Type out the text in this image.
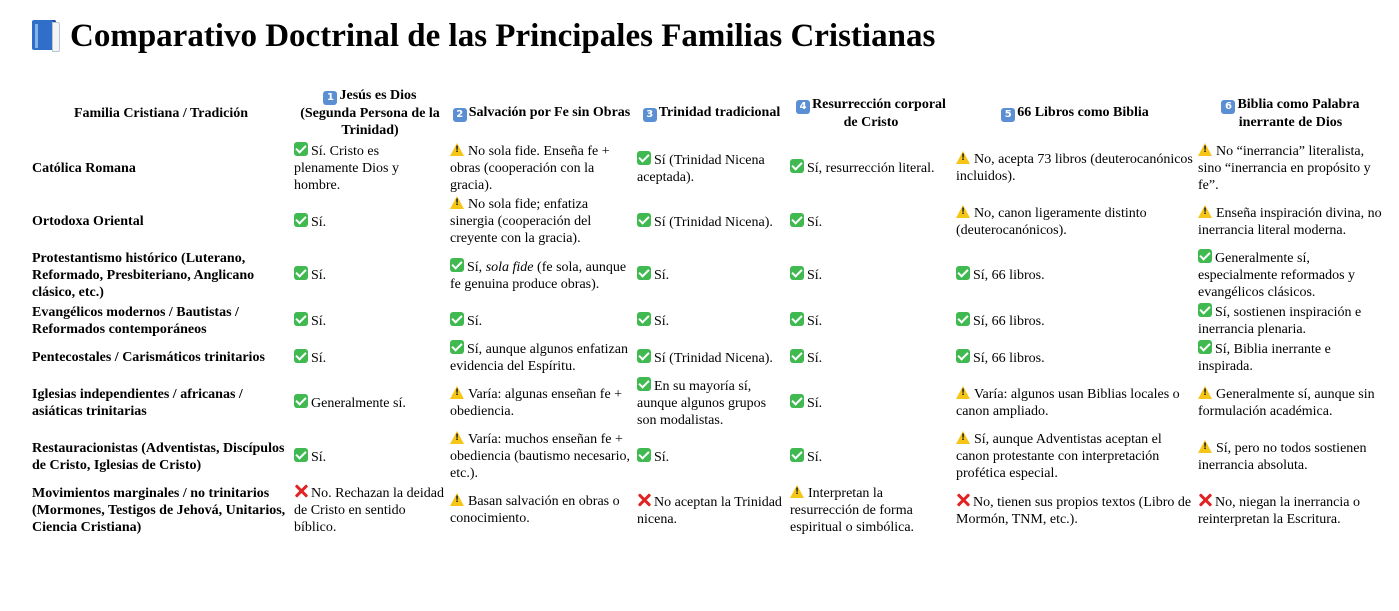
Comparativo Doctrinal de las Principales Familias Cristianas
Familia Cristiana / Tradición	1 Jesús es Dios (Segunda Persona de la Trinidad)	2 Salvación por Fe sin Obras	3 Trinidad tradicional	4 Resurrección corporal de Cristo	5 66 Libros como Biblia	6 Biblia como Palabra inerrante de Dios
Católica Romana	Sí. Cristo es plenamente Dios y hombre.	!No sola fide. Enseña fe + obras (cooperación con la gracia).	Sí (Trinidad Nicena aceptada).	Sí, resurrección literal.	!No, acepta 73 libros (deuterocanónicos incluidos).	!No “inerrancia” literalista, sino “inerrancia en propósito y fe”.
Ortodoxa Oriental	Sí.	!No sola fide; enfatiza sinergia (cooperación del creyente con la gracia).	Sí (Trinidad Nicena).	Sí.	!No, canon ligeramente distinto (deuterocanónicos).	!Enseña inspiración divina, no inerrancia literal moderna.
Protestantismo histórico (Luterano, Reformado, Presbiteriano, Anglicano clásico, etc.)	Sí.	Sí, sola fide (fe sola, aunque fe genuina produce obras).	Sí.	Sí.	Sí, 66 libros.	Generalmente sí, especialmente reformados y evangélicos clásicos.
Evangélicos modernos / Bautistas / Reformados contemporáneos	Sí.	Sí.	Sí.	Sí.	Sí, 66 libros.	Sí, sostienen inspiración e inerrancia plenaria.
Pentecostales / Carismáticos trinitarios	Sí.	Sí, aunque algunos enfatizan evidencia del Espíritu.	Sí (Trinidad Nicena).	Sí.	Sí, 66 libros.	Sí, Biblia inerrante e inspirada.
Iglesias independientes / africanas / asiáticas trinitarias	Generalmente sí.	!Varía: algunas enseñan fe + obediencia.	En su mayoría sí, aunque algunos grupos son modalistas.	Sí.	!Varía: algunos usan Biblias locales o canon ampliado.	!Generalmente sí, aunque sin formulación académica.
Restauracionistas (Adventistas, Discípulos de Cristo, Iglesias de Cristo)	Sí.	!Varía: muchos enseñan fe + obediencia (bautismo necesario, etc.).	Sí.	Sí.	!Sí, aunque Adventistas aceptan el canon protestante con interpretación profética especial.	!Sí, pero no todos sostienen inerrancia absoluta.
Movimientos marginales / no trinitarios (Mormones, Testigos de Jehová, Unitarios, Ciencia Cristiana)	No. Rechazan la deidad de Cristo en sentido bíblico.	!Basan salvación en obras o conocimiento.	No aceptan la Trinidad nicena.	!Interpretan la resurrección de forma espiritual o simbólica.	No, tienen sus propios textos (Libro de Mormón, TNM, etc.).	No, niegan la inerrancia o reinterpretan la Escritura.
